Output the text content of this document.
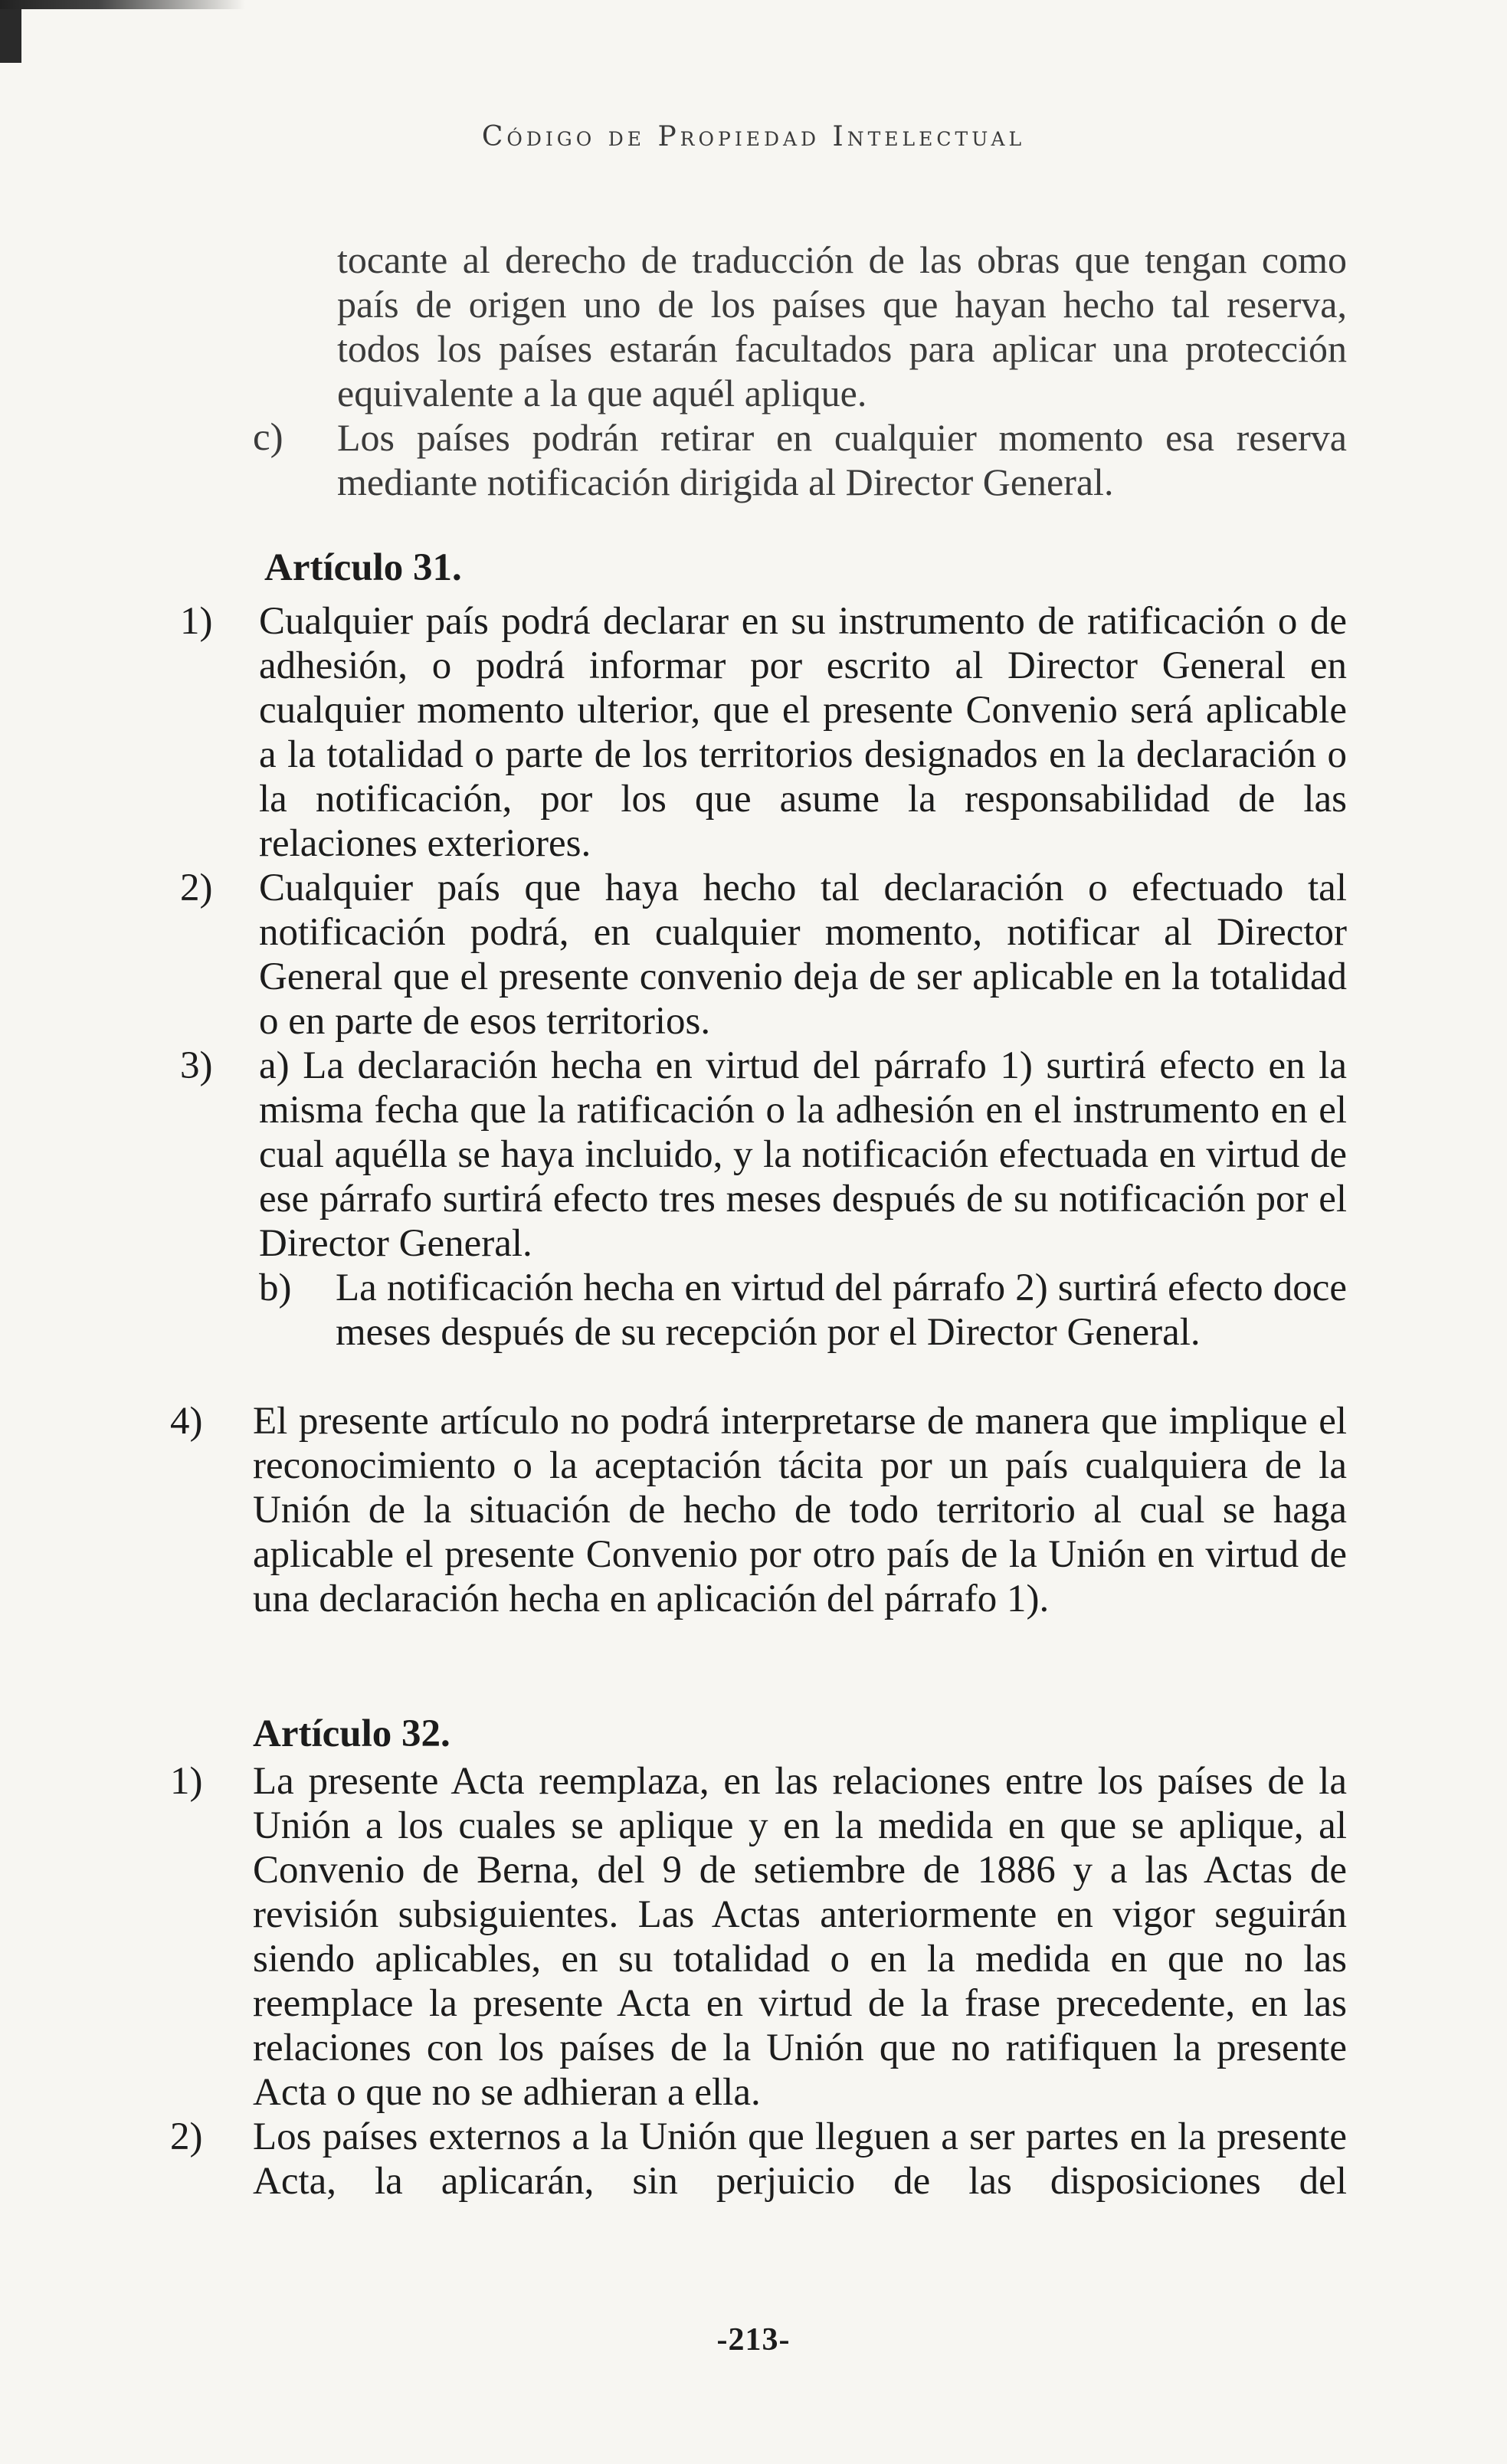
Código de Propiedad Intelectual

tocante al derecho de traducción de las obras que tengan como país de origen uno de los países que hayan hecho tal reserva, todos los países estarán facultados para aplicar una protección equivalente a la que aquél aplique.

c) Los países podrán retirar en cualquier momento esa reserva mediante notificación dirigida al Director General.

Artículo 31.
1) Cualquier país podrá declarar en su instrumento de ratificación o de adhesión, o podrá informar por escrito al Director General en cualquier momento ulterior, que el presente Convenio será aplicable a la totalidad o parte de los territorios designados en la declaración o la notificación, por los que asume la responsabilidad de las relaciones exteriores.

2) Cualquier país que haya hecho tal declaración o efectuado tal notificación podrá, en cualquier momento, notificar al Director General que el presente convenio deja de ser aplicable en la totalidad o en parte de esos territorios.

3) a) La declaración hecha en virtud del párrafo 1) surtirá efecto en la misma fecha que la ratificación o la adhesión en el instrumento en el cual aquélla se haya incluido, y la notificación efectuada en virtud de ese párrafo surtirá efecto tres meses después de su notificación por el Director General.

b) La notificación hecha en virtud del párrafo 2) surtirá efecto doce meses después de su recepción por el Director General.

4) El presente artículo no podrá interpretarse de manera que implique el reconocimiento o la aceptación tácita por un país cualquiera de la Unión de la situación de hecho de todo territorio al cual se haga aplicable el presente Convenio por otro país de la Unión en virtud de una declaración hecha en aplicación del párrafo 1).

Artículo 32.
1) La presente Acta reemplaza, en las relaciones entre los países de la Unión a los cuales se aplique y en la medida en que se aplique, al Convenio de Berna, del 9 de setiembre de 1886 y a las Actas de revisión subsiguientes. Las Actas anteriormente en vigor seguirán siendo aplicables, en su totalidad o en la medida en que no las reemplace la presente Acta en virtud de la frase precedente, en las relaciones con los países de la Unión que no ratifiquen la presente Acta o que no se adhieran a ella.

2) Los países externos a la Unión que lleguen a ser partes en la presente Acta, la aplicarán, sin perjuicio de las disposiciones del

-213-
